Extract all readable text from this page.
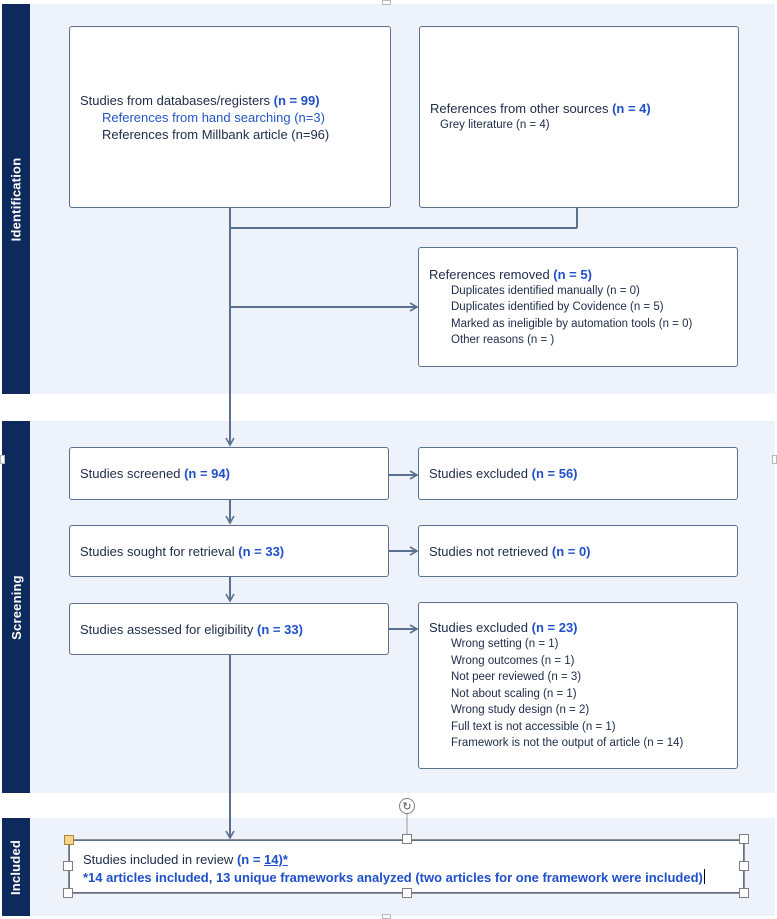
Identification
Screening
Included
Studies from databases/registers (n = 99)
References from hand searching (n=3)
References from Millbank article (n=96)
References from other sources (n = 4)
Grey literature (n = 4)
References removed (n = 5)
Duplicates identified manually (n = 0)
Duplicates identified by Covidence (n = 5)
Marked as ineligible by automation tools (n = 0)
Other reasons (n = )
Studies screened (n = 94)	Studies excluded (n = 56)
Studies sought for retrieval (n = 33)	Studies not retrieved (n = 0)
Studies assessed for eligibility (n = 33)	Studies excluded (n = 23)
Wrong setting (n = 1)
Wrong outcomes (n = 1)
Not peer reviewed (n = 3)
Not about scaling (n = 1)
Wrong study design (n = 2)
Full text is not accessible (n = 1)
Framework is not the output of article (n = 14)
Studies included in review (n = 14)*
*14 articles included, 13 unique frameworks analyzed (two articles for one framework were included)
↻
